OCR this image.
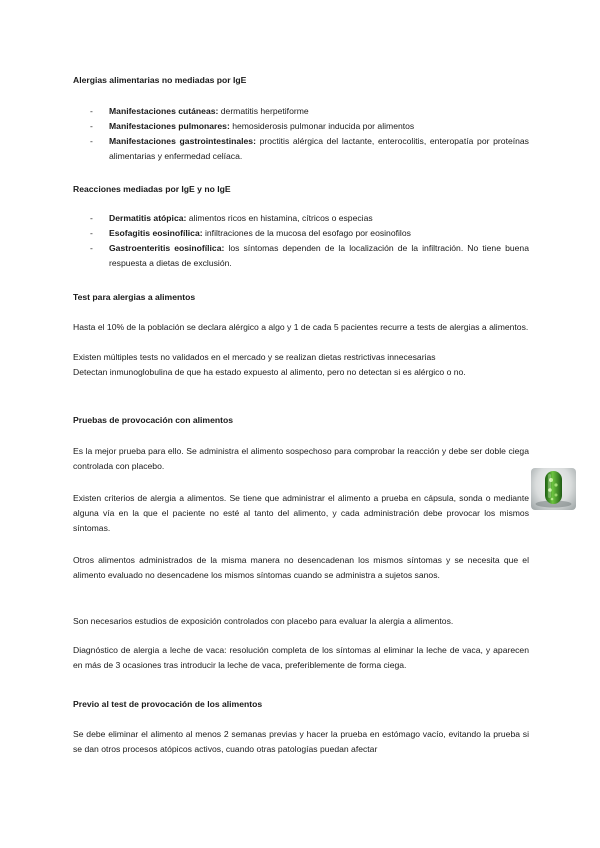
Alergias alimentarias no mediadas por IgE
- Manifestaciones cutáneas: dermatitis herpetiforme
- Manifestaciones pulmonares: hemosiderosis pulmonar inducida por alimentos
- Manifestaciones gastrointestinales: proctitis alérgica del lactante, enterocolitis, enteropatía por proteínas alimentarias y enfermedad celíaca.
Reacciones mediadas por IgE y no IgE
- Dermatitis atópica: alimentos ricos en histamina, cítricos o especias
- Esofagitis eosinofílica: infiltraciones de la mucosa del esofago por eosinofilos
- Gastroenteritis eosinofílica: los síntomas dependen de la localización de la infiltración. No tiene buena respuesta a dietas de exclusión.
Test para alergias a alimentos
Hasta el 10% de la población se declara alérgico a algo y 1 de cada 5 pacientes recurre a tests de alergias a alimentos.
Existen múltiples tests no validados en el mercado y se realizan dietas restrictivas innecesarias
Detectan inmunoglobulina de que ha estado expuesto al alimento, pero no detectan si es alérgico o no.
Pruebas de provocación con alimentos
Es la mejor prueba para ello. Se administra el alimento sospechoso para comprobar la reacción y debe ser doble ciega controlada con placebo.
Existen criterios de alergia a alimentos. Se tiene que administrar el alimento a prueba en cápsula, sonda o mediante alguna vía en la que el paciente no esté al tanto del alimento, y cada administración debe provocar los mismos síntomas.
Otros alimentos administrados de la misma manera no desencadenan los mismos síntomas y se necesita que el alimento evaluado no desencadene los mismos síntomas cuando se administra a sujetos sanos.
Son necesarios estudios de exposición controlados con placebo para evaluar la alergia a alimentos.
Diagnóstico de alergia a leche de vaca: resolución completa de los síntomas al eliminar la leche de vaca, y aparecen en más de 3 ocasiones tras introducir la leche de vaca, preferiblemente de forma ciega.
Previo al test de provocación de los alimentos
Se debe eliminar el alimento al menos 2 semanas previas y hacer la prueba en estómago vacío, evitando la prueba si se dan otros procesos atópicos activos, cuando otras patologías puedan afectar
